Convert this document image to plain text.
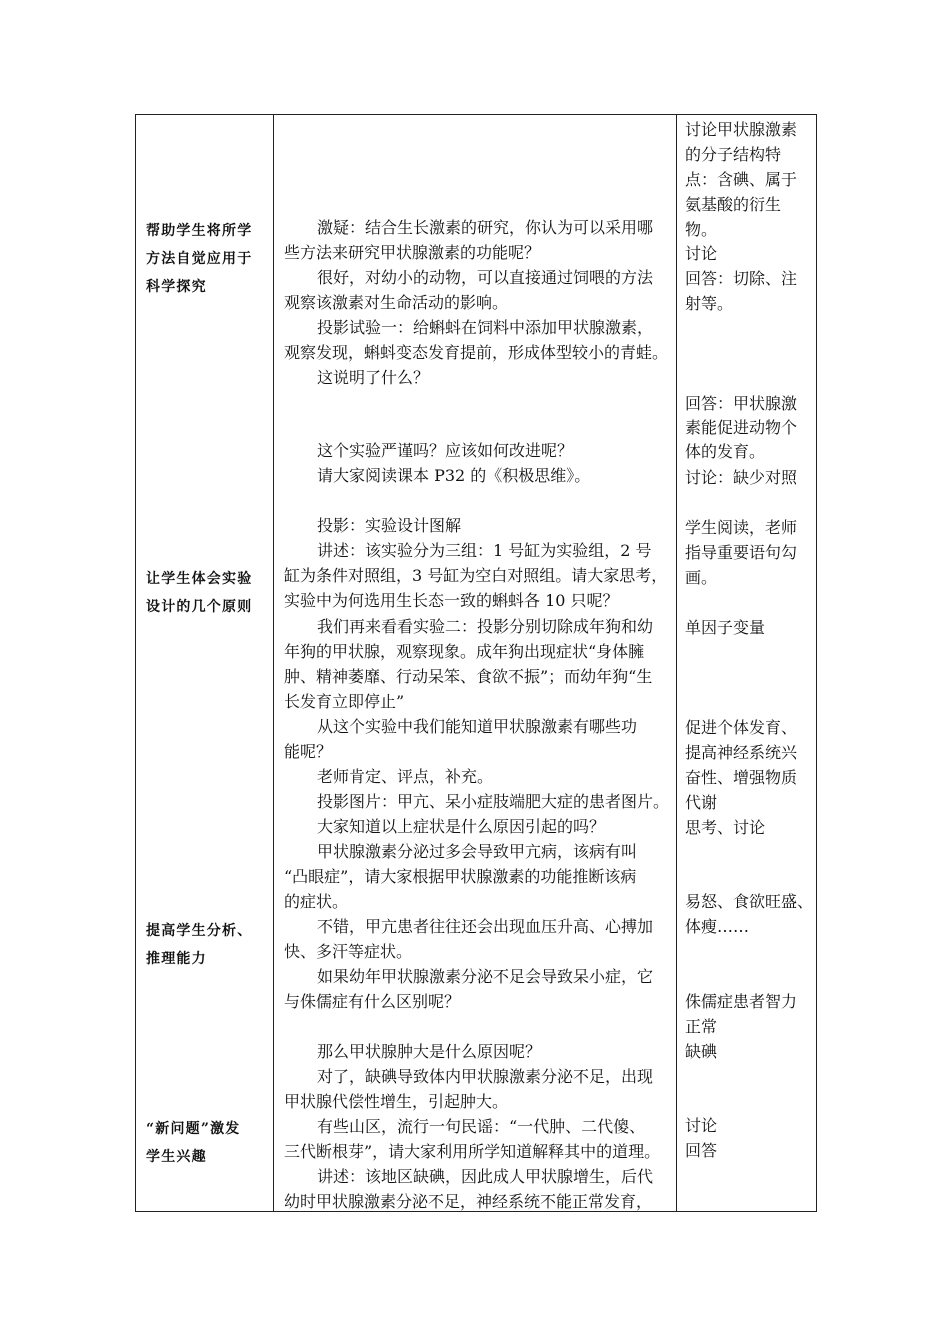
帮助学生将所学
方法自觉应用于
科学探究
让学生体会实验
设计的几个原则
提高学生分析、
推理能力
“新问题”激发
学生兴趣
激疑：结合生长激素的研究，你认为可以采用哪
些方法来研究甲状腺激素的功能呢？
很好，对幼小的动物，可以直接通过饲喂的方法
观察该激素对生命活动的影响。
投影试验一：给蝌蚪在饲料中添加甲状腺激素，
观察发现，蝌蚪变态发育提前，形成体型较小的青蛙。
这说明了什么？
这个实验严谨吗？应该如何改进呢？
请大家阅读课本 P32 的《积极思维》。
投影：实验设计图解
讲述：该实验分为三组：1 号缸为实验组，2 号
缸为条件对照组，3 号缸为空白对照组。请大家思考，
实验中为何选用生长态一致的蝌蚪各 10 只呢？
我们再来看看实验二：投影分别切除成年狗和幼
年狗的甲状腺，观察现象。成年狗出现症状“身体臃
肿、精神萎靡、行动呆笨、食欲不振”；而幼年狗“生
长发育立即停止”
从这个实验中我们能知道甲状腺激素有哪些功
能呢？
老师肯定、评点，补充。
投影图片：甲亢、呆小症肢端肥大症的患者图片。
大家知道以上症状是什么原因引起的吗？
甲状腺激素分泌过多会导致甲亢病，该病有叫
“凸眼症”，请大家根据甲状腺激素的功能推断该病
的症状。
不错，甲亢患者往往还会出现血压升高、心搏加
快、多汗等症状。
如果幼年甲状腺激素分泌不足会导致呆小症，它
与侏儒症有什么区别呢？
那么甲状腺肿大是什么原因呢？
对了，缺碘导致体内甲状腺激素分泌不足，出现
甲状腺代偿性增生，引起肿大。
有些山区，流行一句民谣：“一代肿、二代傻、
三代断根芽”，请大家利用所学知道解释其中的道理。
讲述：该地区缺碘，因此成人甲状腺增生，后代
幼时甲状腺激素分泌不足，神经系统不能正常发育，
讨论甲状腺激素
的分子结构特
点：含碘、属于
氨基酸的衍生
物。
讨论
回答：切除、注
射等。
回答：甲状腺激
素能促进动物个
体的发育。
讨论：缺少对照
学生阅读，老师
指导重要语句勾
画。
单因子变量
促进个体发育、
提高神经系统兴
奋性、增强物质
代谢
思考、讨论
易怒、食欲旺盛、
体瘦……
侏儒症患者智力
正常
缺碘
讨论
回答
